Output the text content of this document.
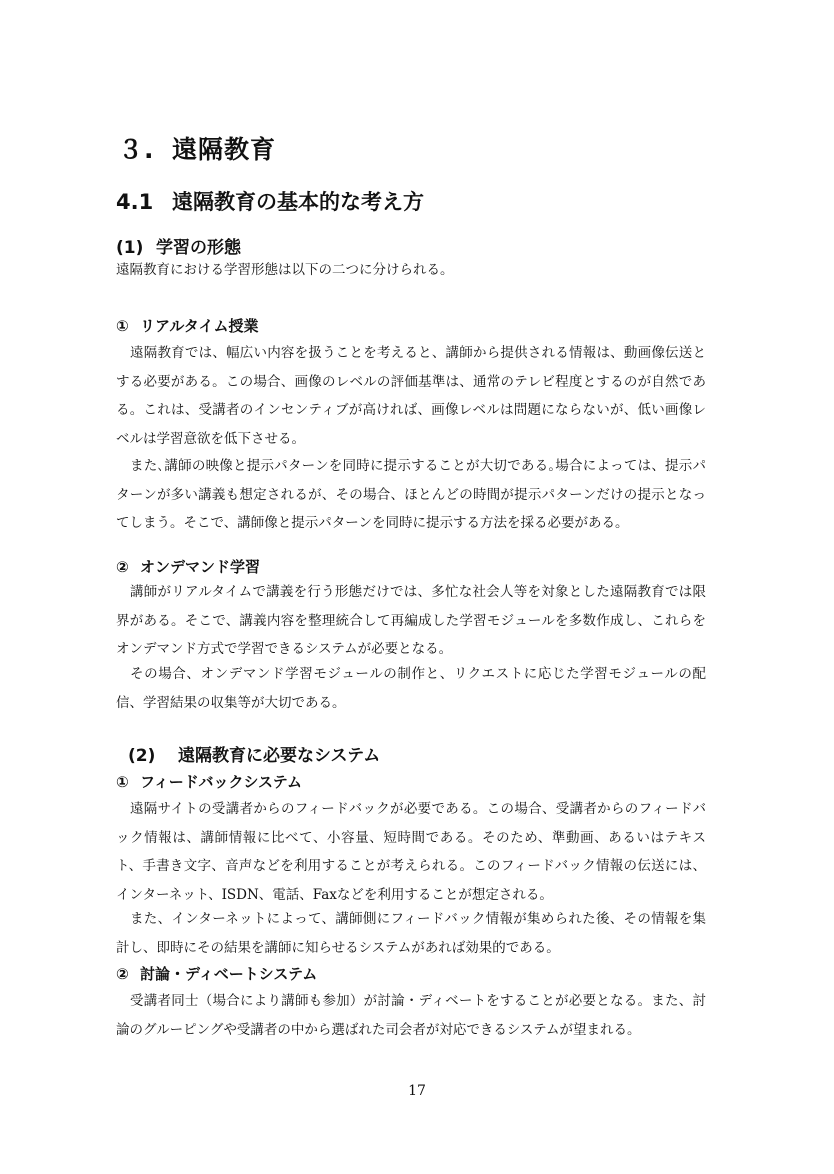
３. 遠隔教育
4.1 遠隔教育の基本的な考え方
(1) 学習の形態
遠隔教育における学習形態は以下の二つに分けられる。
① リアルタイム授業
遠隔教育では、幅広い内容を扱うことを考えると、講師から提供される情報は、動画像伝送とする必要がある。この場合、画像のレベルの評価基準は、通常のテレビ程度とするのが自然である。これは、受講者のインセンティブが高ければ、画像レベルは問題にならないが、低い画像レベルは学習意欲を低下させる。
また､講師の映像と提示パターンを同時に提示することが大切である｡場合によっては、提示パターンが多い講義も想定されるが、その場合、ほとんどの時間が提示パターンだけの提示となってしまう。そこで、講師像と提示パターンを同時に提示する方法を採る必要がある。
② オンデマンド学習
講師がリアルタイムで講義を行う形態だけでは、多忙な社会人等を対象とした遠隔教育では限界がある。そこで、講義内容を整理統合して再編成した学習モジュールを多数作成し、これらをオンデマンド方式で学習できるシステムが必要となる。
その場合、オンデマンド学習モジュールの制作と、リクエストに応じた学習モジュールの配信、学習結果の収集等が大切である。
(2) 遠隔教育に必要なシステム
① フィードバックシステム
遠隔サイトの受講者からのフィードバックが必要である。この場合、受講者からのフィードバック情報は、講師情報に比べて、小容量、短時間である。そのため、準動画、あるいはテキスト、手書き文字、音声などを利用することが考えられる。このフィードバック情報の伝送には、インターネット、ISDN、電話、Faxなどを利用することが想定される。
また、インターネットによって、講師側にフィードバック情報が集められた後、その情報を集計し、即時にその結果を講師に知らせるシステムがあれば効果的である。
② 討論・ディベートシステム
受講者同士（場合により講師も参加）が討論・ディベートをすることが必要となる。また、討論のグルーピングや受講者の中から選ばれた司会者が対応できるシステムが望まれる。
17
